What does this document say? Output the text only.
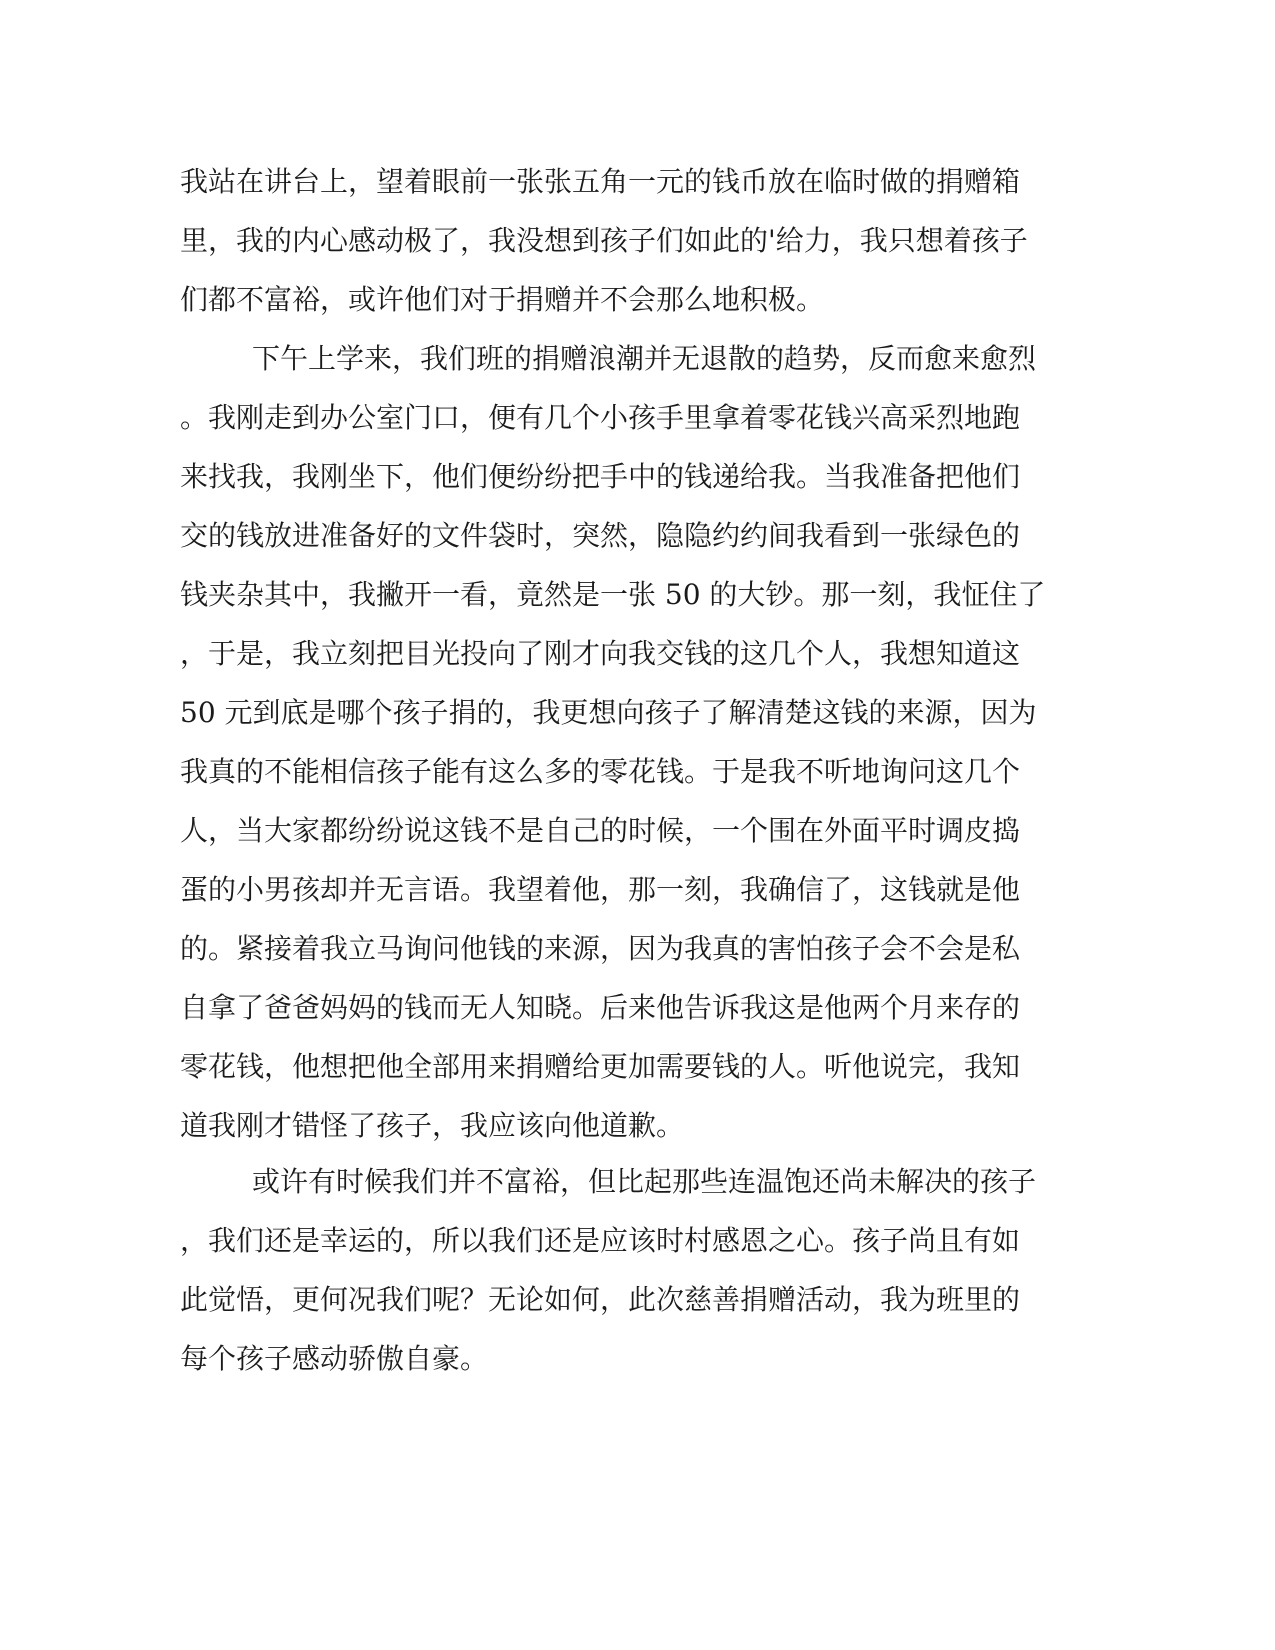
我站在讲台上，望着眼前一张张五角一元的钱币放在临时做的捐赠箱
里，我的内心感动极了，我没想到孩子们如此的'给力，我只想着孩子
们都不富裕，或许他们对于捐赠并不会那么地积极。
下午上学来，我们班的捐赠浪潮并无退散的趋势，反而愈来愈烈
。我刚走到办公室门口，便有几个小孩手里拿着零花钱兴高采烈地跑
来找我，我刚坐下，他们便纷纷把手中的钱递给我。当我准备把他们
交的钱放进准备好的文件袋时，突然，隐隐约约间我看到一张绿色的
钱夹杂其中，我撇开一看，竟然是一张 50 的大钞。那一刻，我怔住了
，于是，我立刻把目光投向了刚才向我交钱的这几个人，我想知道这
50 元到底是哪个孩子捐的，我更想向孩子了解清楚这钱的来源，因为
我真的不能相信孩子能有这么多的零花钱。于是我不听地询问这几个
人，当大家都纷纷说这钱不是自己的时候，一个围在外面平时调皮捣
蛋的小男孩却并无言语。我望着他，那一刻，我确信了，这钱就是他
的。紧接着我立马询问他钱的来源，因为我真的害怕孩子会不会是私
自拿了爸爸妈妈的钱而无人知晓。后来他告诉我这是他两个月来存的
零花钱，他想把他全部用来捐赠给更加需要钱的人。听他说完，我知
道我刚才错怪了孩子，我应该向他道歉。
或许有时候我们并不富裕，但比起那些连温饱还尚未解决的孩子
，我们还是幸运的，所以我们还是应该时村感恩之心。孩子尚且有如
此觉悟，更何况我们呢？无论如何，此次慈善捐赠活动，我为班里的
每个孩子感动骄傲自豪。
